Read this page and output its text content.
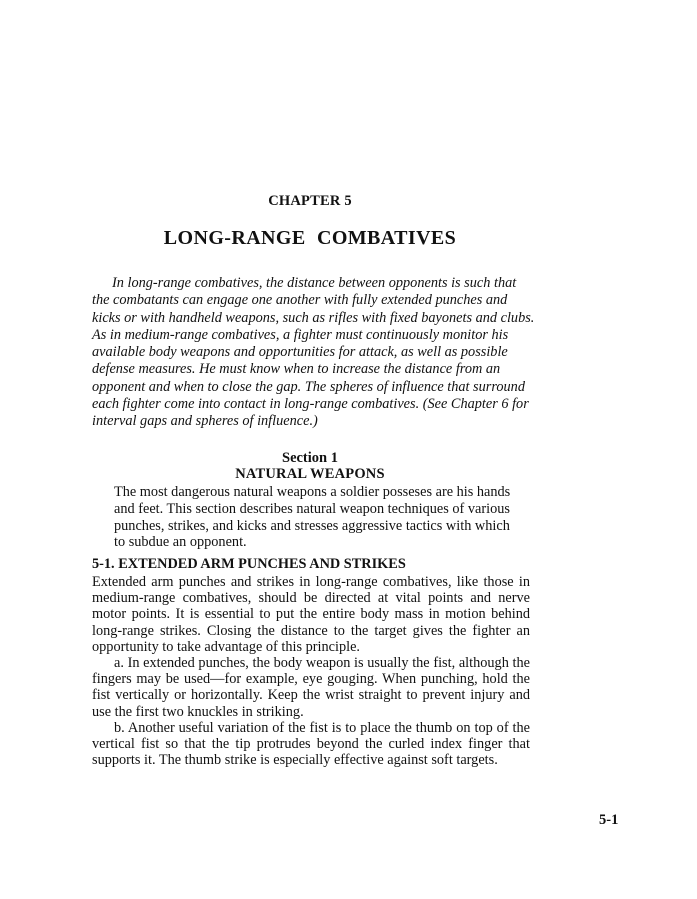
CHAPTER 5
LONG-RANGE COMBATIVES

In long-range combatives, the distance between opponents is such that the combatants can engage one another with fully extended punches and kicks or with handheld weapons, such as rifles with fixed bayonets and clubs. As in medium-range combatives, a fighter must continuously monitor his available body weapons and opportunities for attack, as well as possible defense measures. He must know when to increase the distance from an opponent and when to close the gap. The spheres of influence that surround each fighter come into contact in long-range combatives. (See Chapter 6 for interval gaps and spheres of influence.)

Section 1
NATURAL WEAPONS

The most dangerous natural weapons a soldier posseses are his hands and feet. This section describes natural weapon techniques of various punches, strikes, and kicks and stresses aggressive tactics with which to subdue an opponent.

5-1. EXTENDED ARM PUNCHES AND STRIKES

Extended arm punches and strikes in long-range combatives, like those in medium-range combatives, should be directed at vital points and nerve motor points. It is essential to put the entire body mass in motion behind long-range strikes. Closing the distance to the target gives the fighter an opportunity to take advantage of this principle.

a. In extended punches, the body weapon is usually the fist, although the fingers may be used—for example, eye gouging. When punching, hold the fist vertically or horizontally. Keep the wrist straight to prevent injury and use the first two knuckles in striking.

b. Another useful variation of the fist is to place the thumb on top of the vertical fist so that the tip protrudes beyond the curled index finger that supports it. The thumb strike is especially effective against soft targets.

5-1
